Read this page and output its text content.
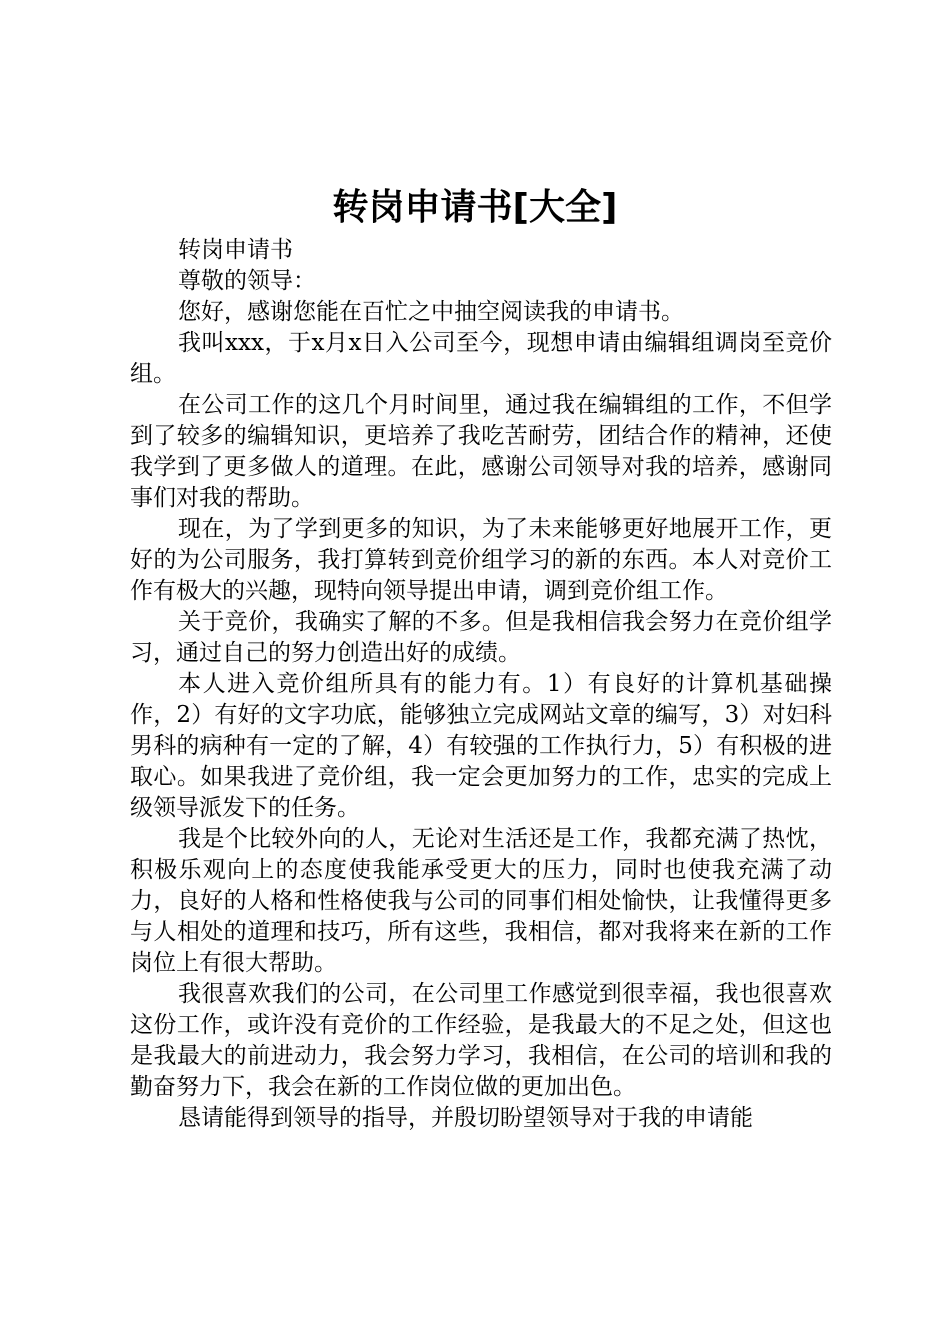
转岗申请书[大全]

转岗申请书

尊敬的领导：

您好，感谢您能在百忙之中抽空阅读我的申请书。

我叫xxx，于x月x日入公司至今，现想申请由编辑组调岗至竞价组。

在公司工作的这几个月时间里，通过我在编辑组的工作，不但学到了较多的编辑知识，更培养了我吃苦耐劳，团结合作的精神，还使我学到了更多做人的道理。在此，感谢公司领导对我的培养，感谢同事们对我的帮助。

现在，为了学到更多的知识，为了未来能够更好地展开工作，更好的为公司服务，我打算转到竞价组学习的新的东西。本人对竞价工作有极大的兴趣，现特向领导提出申请，调到竞价组工作。

关于竞价，我确实了解的不多。但是我相信我会努力在竞价组学习，通过自己的努力创造出好的成绩。

本人进入竞价组所具有的能力有。1）有良好的计算机基础操作，2）有好的文字功底，能够独立完成网站文章的编写，3）对妇科男科的病种有一定的了解，4）有较强的工作执行力，5）有积极的进取心。如果我进了竞价组，我一定会更加努力的工作，忠实的完成上级领导派发下的任务。

我是个比较外向的人，无论对生活还是工作，我都充满了热忱，积极乐观向上的态度使我能承受更大的压力，同时也使我充满了动力，良好的人格和性格使我与公司的同事们相处愉快，让我懂得更多与人相处的道理和技巧，所有这些，我相信，都对我将来在新的工作岗位上有很大帮助。

我很喜欢我们的公司，在公司里工作感觉到很幸福，我也很喜欢这份工作，或许没有竞价的工作经验，是我最大的不足之处，但这也是我最大的前进动力，我会努力学习，我相信，在公司的培训和我的勤奋努力下，我会在新的工作岗位做的更加出色。

恳请能得到领导的指导，并殷切盼望领导对于我的申请能
